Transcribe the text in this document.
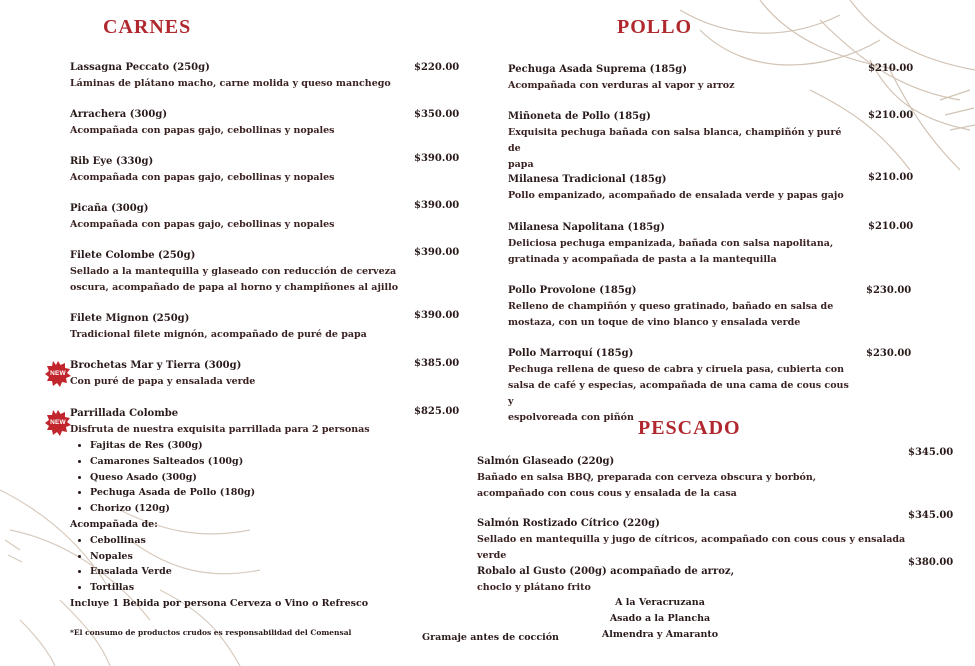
CARNES
Lassagna Peccato (250g)
Láminas de plátano macho, carne molida y queso manchego
$220.00
Arrachera (300g)
Acompañada con papas gajo, cebollinas y nopales
$350.00
Rib Eye (330g)
Acompañada con papas gajo, cebollinas y nopales
$390.00
Picaña (300g)
Acompañada con papas gajo, cebollinas y nopales
$390.00
Filete Colombe (250g)
Sellado a la mantequilla y glaseado con reducción de cerveza
oscura, acompañado de papa al horno y champiñones al ajillo
$390.00
Filete Mignon (250g)
Tradicional filete mignón, acompañado de puré de papa
$390.00
NEW
Brochetas Mar y Tierra (300g)
Con puré de papa y ensalada verde
$385.00
NEW
Parrillada Colombe
Disfruta de nuestra exquisita parrillada para 2 personas
• Fajitas de Res (300g)
• Camarones Salteados (100g)
• Queso Asado (300g)
• Pechuga Asada de Pollo (180g)
• Chorizo (120g)
Acompañada de:
• Cebollinas
• Nopales
• Ensalada Verde
• Tortillas
Incluye 1 Bebida por persona Cerveza o Vino o Refresco
$825.00
*El consumo de productos crudos es responsabilidad del Comensal
POLLO
Pechuga Asada Suprema (185g)
Acompañada con verduras al vapor y arroz
$210.00
Miñoneta de Pollo (185g)
Exquisita pechuga bañada con salsa blanca, champiñón y puré de
papa
$210.00
Milanesa Tradicional (185g)
Pollo empanizado, acompañado de ensalada verde y papas gajo
$210.00
Milanesa Napolitana (185g)
Deliciosa pechuga empanizada, bañada con salsa napolitana,
gratinada y acompañada de pasta a la mantequilla
$210.00
Pollo Provolone (185g)
Relleno de champiñón y queso gratinado, bañado en salsa de
mostaza, con un toque de vino blanco y ensalada verde
$230.00
Pollo Marroquí (185g)
Pechuga rellena de queso de cabra y ciruela pasa, cubierta con
salsa de café y especias, acompañada de una cama de cous cous y
espolvoreada con piñón
$230.00
PESCADO
Salmón Glaseado (220g)
Bañado en salsa BBQ, preparada con cerveza obscura y borbón,
acompañado con cous cous y ensalada de la casa
$345.00
Salmón Rostizado Cítrico (220g)
Sellado en mantequilla y jugo de cítricos, acompañado con cous cous y ensalada verde
$345.00
Robalo al Gusto (200g) acompañado de arroz,
choclo y plátano frito
$380.00
A la Veracruzana
Asado a la Plancha
Almendra y Amaranto
Gramaje antes de cocción
